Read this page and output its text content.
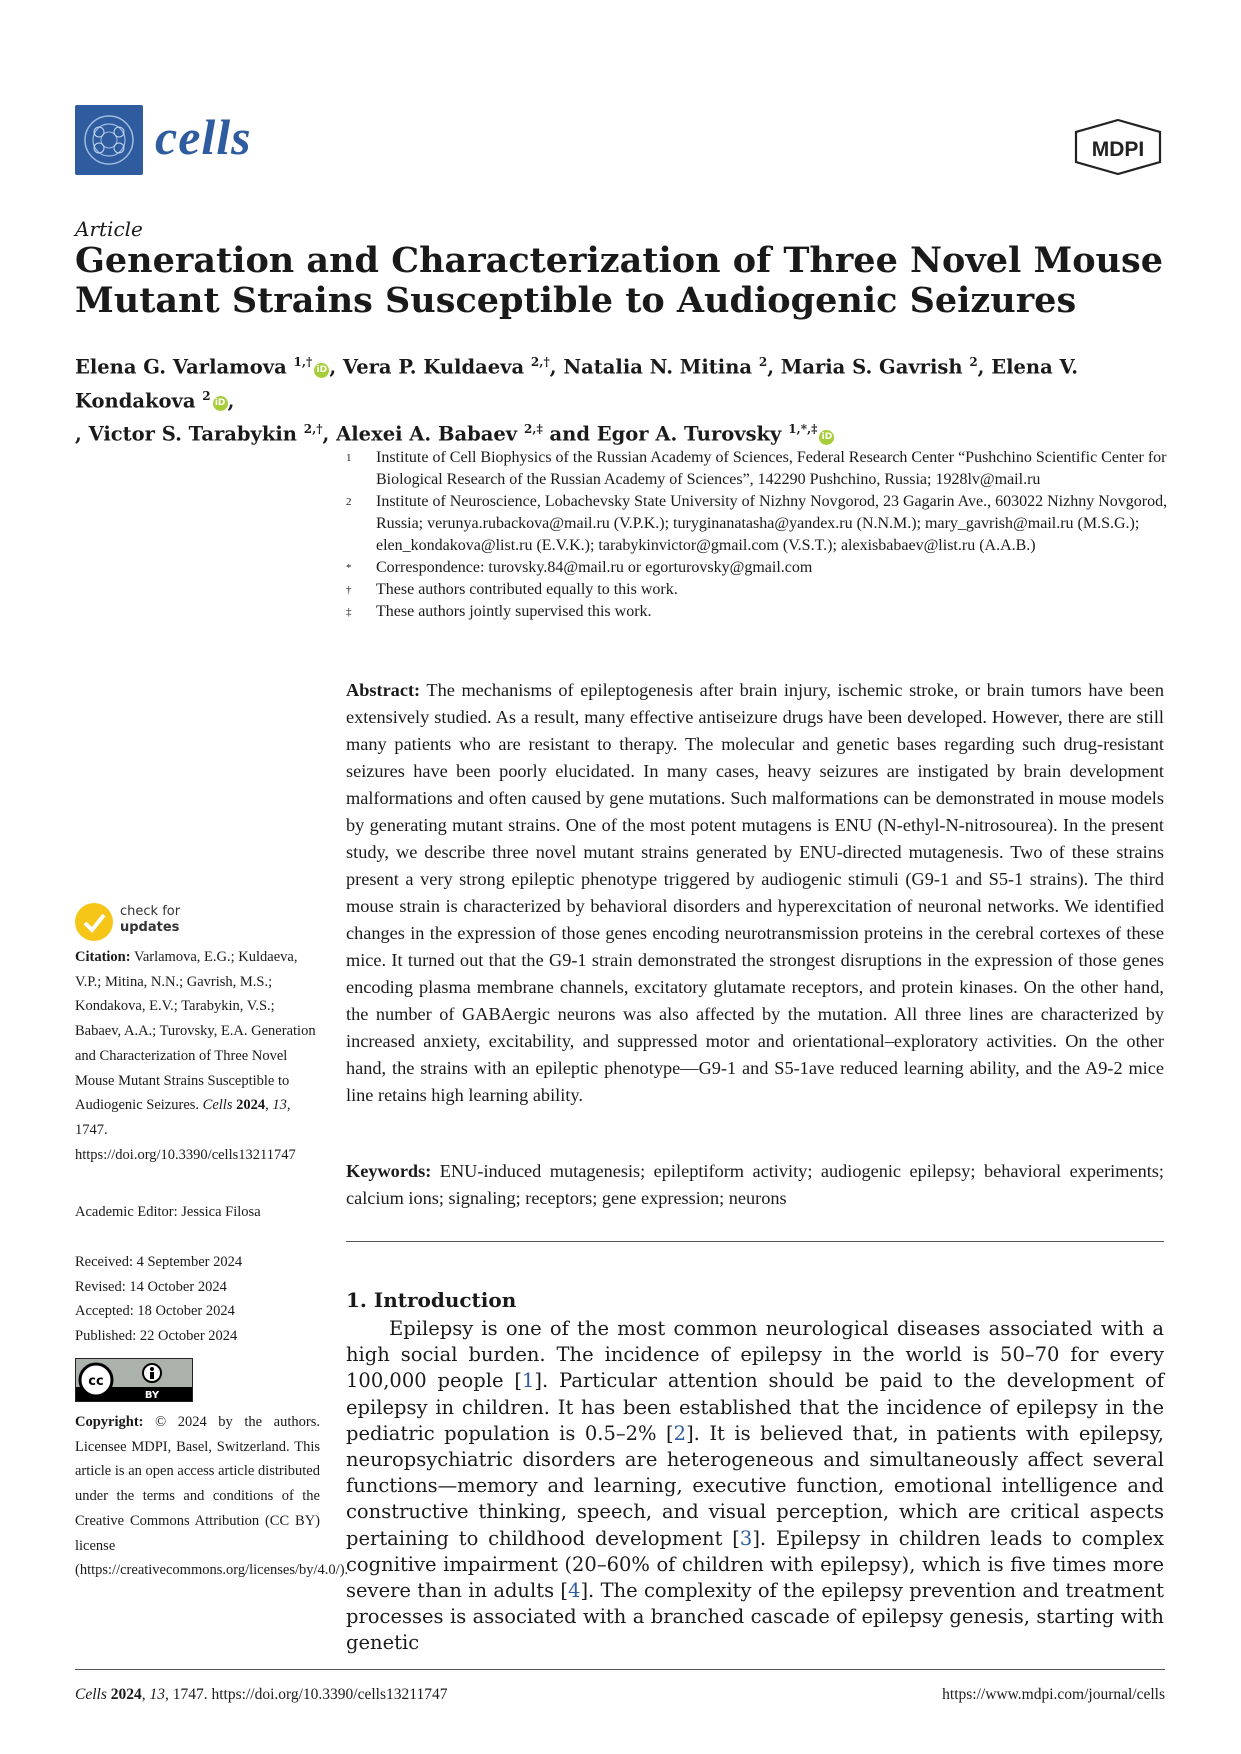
cells	MDPI
Article
Generation and Characterization of Three Novel Mouse Mutant Strains Susceptible to Audiogenic Seizures
Elena G. Varlamova $^{1,\dagger}$iD , Vera P. Kuldaeva $^{2,\dagger}$, Natalia N. Mitina $^2$, Maria S. Gavrish $^2$, Elena V. Kondakova $^2$iD ,
, Victor S. Tarabykin $^{2,\dagger}$, Alexei A. Babaev $^{2,\ddagger}$ and Egor A. Turovsky $^{1,*,\ddagger}$iD
1 Institute of Cell Biophysics of the Russian Academy of Sciences, Federal Research Center “Pushchino Scientific Center for Biological Research of the Russian Academy of Sciences”, 142290 Pushchino, Russia; 1928lv@mail.ru
2 Institute of Neuroscience, Lobachevsky State University of Nizhny Novgorod, 23 Gagarin Ave., 603022 Nizhny Novgorod, Russia; verunya.rubackova@mail.ru (V.P.K.); turyginanatasha@yandex.ru (N.N.M.); mary_gavrish@mail.ru (M.S.G.); elen_kondakova@list.ru (E.V.K.); tarabykinvictor@gmail.com (V.S.T.); alexisbabaev@list.ru (A.A.B.)
* Correspondence: turovsky.84@mail.ru or egorturovsky@gmail.com
† These authors contributed equally to this work.
‡ These authors jointly supervised this work.
Abstract: The mechanisms of epileptogenesis after brain injury, ischemic stroke, or brain tumors have been extensively studied. As a result, many effective antiseizure drugs have been developed. However, there are still many patients who are resistant to therapy. The molecular and genetic bases regarding such drug-resistant seizures have been poorly elucidated. In many cases, heavy seizures are instigated by brain development malformations and often caused by gene mutations. Such malformations can be demonstrated in mouse models by generating mutant strains. One of the most potent mutagens is ENU (N-ethyl-N-nitrosourea). In the present study, we describe three novel mutant strains generated by ENU-directed mutagenesis. Two of these strains present a very strong epileptic phenotype triggered by audiogenic stimuli (G9-1 and S5-1 strains). The third mouse strain is characterized by behavioral disorders and hyperexcitation of neuronal networks. We identified changes in the expression of those genes encoding neurotransmission proteins in the cerebral cortexes of these mice. It turned out that the G9-1 strain demonstrated the strongest disruptions in the expression of those genes encoding plasma membrane channels, excitatory glutamate receptors, and protein kinases. On the other hand, the number of GABAergic neurons was also affected by the mutation. All three lines are characterized by increased anxiety, excitability, and suppressed motor and orientational–exploratory activities. On the other hand, the strains with an epileptic phenotype—G9-1 and S5-1ave reduced learning ability, and the A9-2 mice line retains high learning ability.
Keywords: ENU-induced mutagenesis; epileptiform activity; audiogenic epilepsy; behavioral experiments; calcium ions; signaling; receptors; gene expression; neurons
1. Introduction
Epilepsy is one of the most common neurological diseases associated with a high social burden. The incidence of epilepsy in the world is 50–70 for every 100,000 people [1]. Particular attention should be paid to the development of epilepsy in children. It has been established that the incidence of epilepsy in the pediatric population is 0.5–2% [2]. It is believed that, in patients with epilepsy, neuropsychiatric disorders are heterogeneous and simultaneously affect several functions—memory and learning, executive function, emotional intelligence and constructive thinking, speech, and visual perception, which are critical aspects pertaining to childhood development [3]. Epilepsy in children leads to complex cognitive impairment (20–60% of children with epilepsy), which is five times more severe than in adults [4]. The complexity of the epilepsy prevention and treatment processes is associated with a branched cascade of epilepsy genesis, starting with genetic
check for
updates
Citation: Varlamova, E.G.; Kuldaeva, V.P.; Mitina, N.N.; Gavrish, M.S.; Kondakova, E.V.; Tarabykin, V.S.; Babaev, A.A.; Turovsky, E.A. Generation and Characterization of Three Novel Mouse Mutant Strains Susceptible to Audiogenic Seizures. Cells 2024, 13, 1747. https://doi.org/10.3390/cells13211747
Academic Editor: Jessica Filosa
Received: 4 September 2024
Revised: 14 October 2024
Accepted: 18 October 2024
Published: 22 October 2024
cc
BY
Copyright: © 2024 by the authors. Licensee MDPI, Basel, Switzerland. This article is an open access article distributed under the terms and conditions of the Creative Commons Attribution (CC BY) license (https://creativecommons.org/licenses/by/4.0/).
Cells 2024, 13, 1747. https://doi.org/10.3390/cells13211747	https://www.mdpi.com/journal/cells
